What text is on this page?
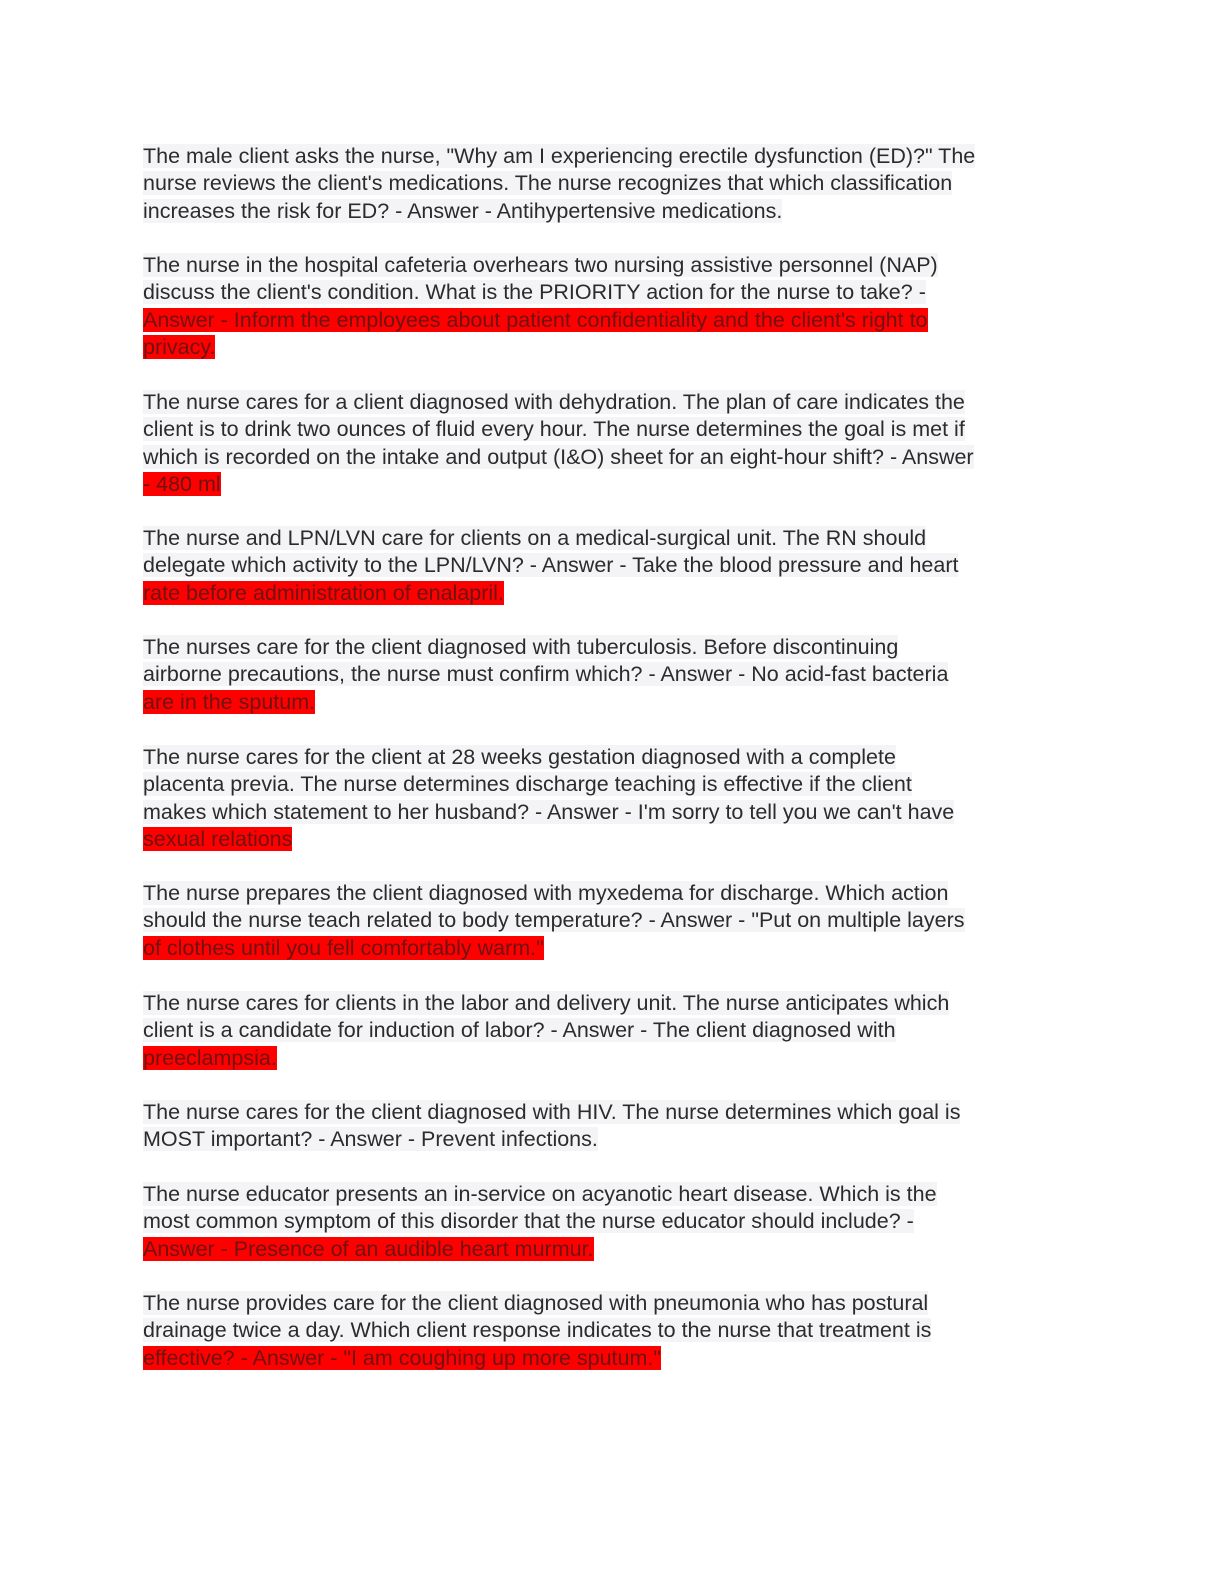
The male client asks the nurse, "Why am I experiencing erectile dysfunction (ED)?" The
nurse reviews the client's medications. The nurse recognizes that which classification
increases the risk for ED? - Answer - Antihypertensive medications.
The nurse in the hospital cafeteria overhears two nursing assistive personnel (NAP)
discuss the client's condition. What is the PRIORITY action for the nurse to take? -
Answer - Inform the employees about patient confidentiality and the client's right to
privacy.
The nurse cares for a client diagnosed with dehydration. The plan of care indicates the
client is to drink two ounces of fluid every hour. The nurse determines the goal is met if
which is recorded on the intake and output (I&O) sheet for an eight-hour shift? - Answer
- 480 ml
The nurse and LPN/LVN care for clients on a medical-surgical unit. The RN should
delegate which activity to the LPN/LVN? - Answer - Take the blood pressure and heart
rate before administration of enalapril.
The nurses care for the client diagnosed with tuberculosis. Before discontinuing
airborne precautions, the nurse must confirm which? - Answer - No acid-fast bacteria
are in the sputum.
The nurse cares for the client at 28 weeks gestation diagnosed with a complete
placenta previa. The nurse determines discharge teaching is effective if the client
makes which statement to her husband? - Answer - I'm sorry to tell you we can't have
sexual relations
The nurse prepares the client diagnosed with myxedema for discharge. Which action
should the nurse teach related to body temperature? - Answer - "Put on multiple layers
of clothes until you fell comfortably warm."
The nurse cares for clients in the labor and delivery unit. The nurse anticipates which
client is a candidate for induction of labor? - Answer - The client diagnosed with
preeclampsia.
The nurse cares for the client diagnosed with HIV. The nurse determines which goal is
MOST important? - Answer - Prevent infections.
The nurse educator presents an in-service on acyanotic heart disease. Which is the
most common symptom of this disorder that the nurse educator should include? -
Answer - Presence of an audible heart murmur.
The nurse provides care for the client diagnosed with pneumonia who has postural
drainage twice a day. Which client response indicates to the nurse that treatment is
effective? - Answer - "I am coughing up more sputum."
